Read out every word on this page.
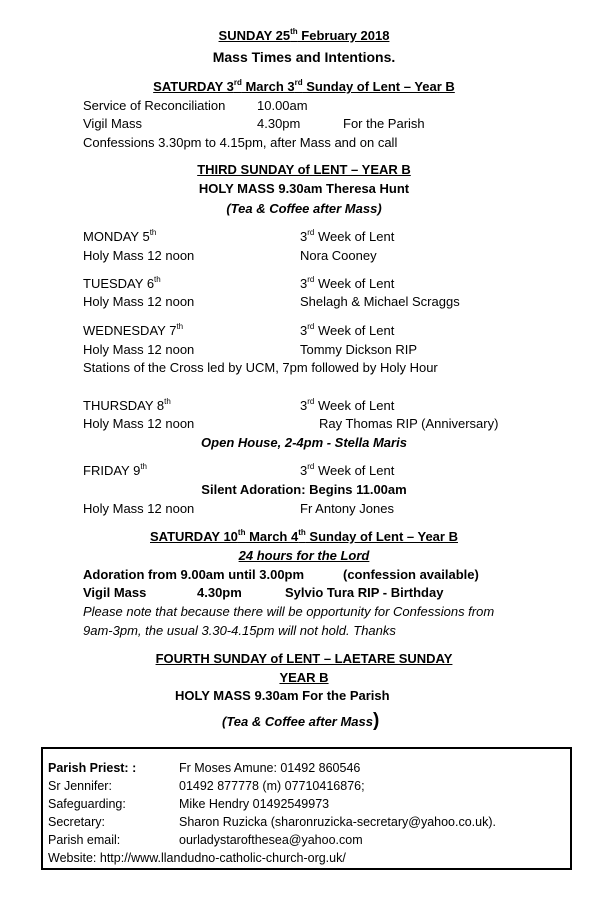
SUNDAY 25th February 2018
Mass Times and Intentions.
SATURDAY 3rd March 3rd Sunday of Lent – Year B
Service of Reconciliation 10.00am
Vigil Mass	4.30pm	For the Parish
Confessions 3.30pm to 4.15pm, after Mass and on call
THIRD SUNDAY of LENT – YEAR B
HOLY MASS 9.30am Theresa Hunt
(Tea & Coffee after Mass)
MONDAY 5th	3rd Week of Lent
Holy Mass 12 noon	Nora Cooney
TUESDAY 6th	3rd Week of Lent
Holy Mass 12 noon	Shelagh & Michael Scraggs
WEDNESDAY 7th	3rd Week of Lent
Holy Mass 12 noon	Tommy Dickson RIP
Stations of the Cross led by UCM, 7pm followed by Holy Hour
THURSDAY 8th	3rd Week of Lent
Holy Mass 12 noon	Ray Thomas RIP (Anniversary)
Open House, 2-4pm - Stella Maris
FRIDAY 9th	3rd Week of Lent
Silent Adoration: Begins 11.00am
Holy Mass 12 noon	Fr Antony Jones
SATURDAY 10th March 4th Sunday of Lent – Year B
24 hours for the Lord
Adoration from 9.00am until 3.00pm	(confession available)
Vigil Mass	4.30pm	Sylvio Tura RIP - Birthday
Please note that because there will be opportunity for Confessions from
9am-3pm, the usual 3.30-4.15pm will not hold. Thanks
FOURTH SUNDAY of LENT – LAETARE SUNDAY
YEAR B
HOLY MASS 9.30am For the Parish
(Tea & Coffee after Mass)
Parish Priest: :	Fr Moses Amune: 01492 860546
Sr Jennifer:	01492 877778 (m) 07710416876;
Safeguarding:	Mike Hendry 01492549973
Secretary:	Sharon Ruzicka (sharonruzicka-secretary@yahoo.co.uk).
Parish email:	ourladystarofthesea@yahoo.com
Website: http://www.llandudno-catholic-church-org.uk/
